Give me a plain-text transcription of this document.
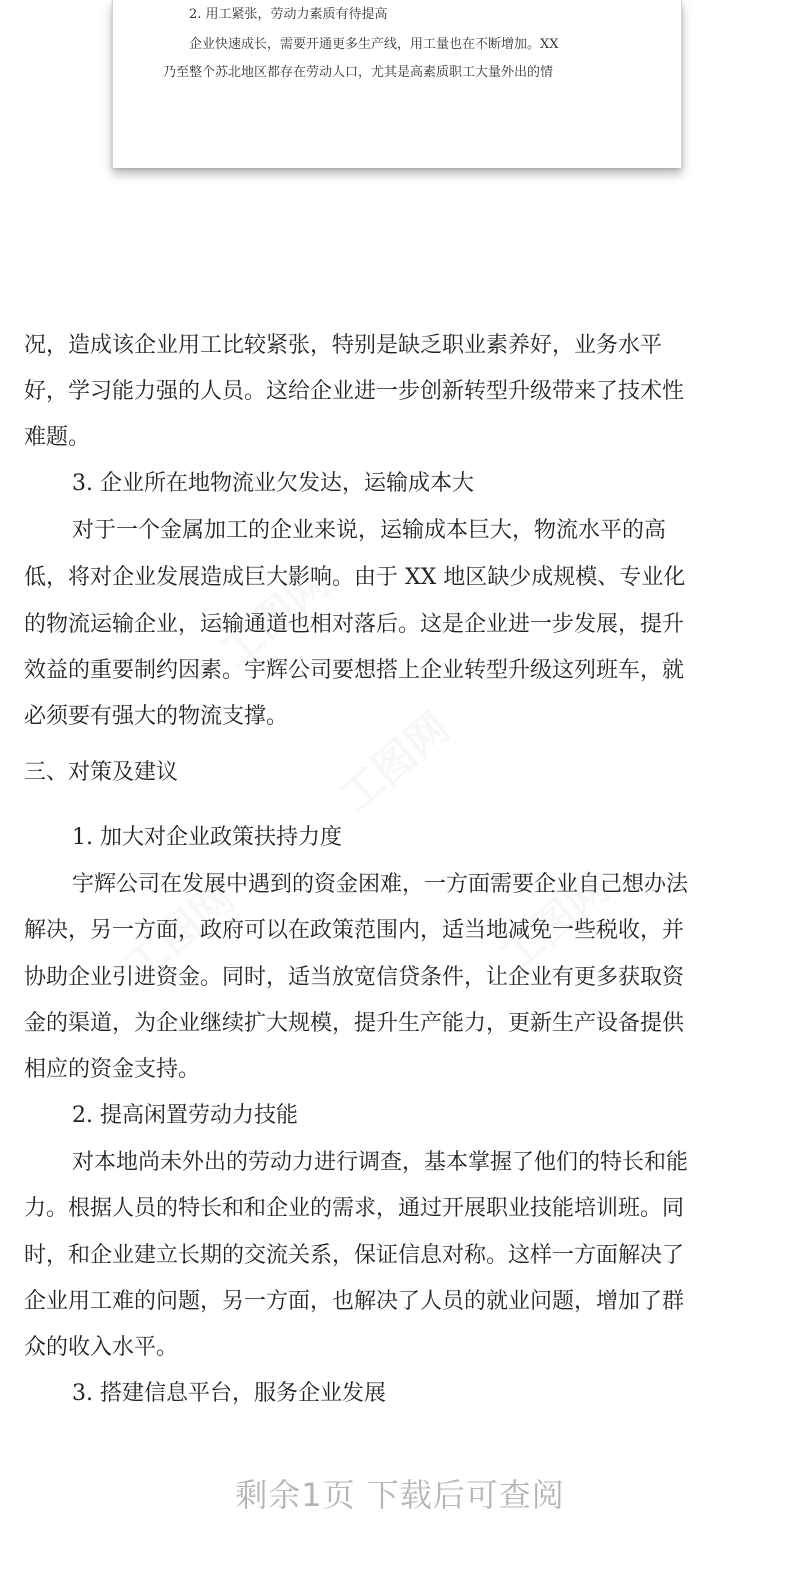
2. 用工紧张，劳动力素质有待提高
企业快速成长，需要开通更多生产线，用工量也在不断增加。XX
乃至整个苏北地区都存在劳动人口，尤其是高素质职工大量外出的情
工图网
工图网
工图网	工图网
况，造成该企业用工比较紧张，特别是缺乏职业素养好，业务水平
好，学习能力强的人员。这给企业进一步创新转型升级带来了技术性
难题。
3. 企业所在地物流业欠发达，运输成本大
对于一个金属加工的企业来说，运输成本巨大，物流水平的高
低，将对企业发展造成巨大影响。由于 XX 地区缺少成规模、专业化
的物流运输企业，运输通道也相对落后。这是企业进一步发展，提升
效益的重要制约因素。宇辉公司要想搭上企业转型升级这列班车，就
必须要有强大的物流支撑。
三、对策及建议
1. 加大对企业政策扶持力度
宇辉公司在发展中遇到的资金困难，一方面需要企业自己想办法
解决，另一方面，政府可以在政策范围内，适当地减免一些税收，并
协助企业引进资金。同时，适当放宽信贷条件，让企业有更多获取资
金的渠道，为企业继续扩大规模，提升生产能力，更新生产设备提供
相应的资金支持。
2. 提高闲置劳动力技能
对本地尚未外出的劳动力进行调查，基本掌握了他们的特长和能
力。根据人员的特长和和企业的需求，通过开展职业技能培训班。同
时，和企业建立长期的交流关系，保证信息对称。这样一方面解决了
企业用工难的问题，另一方面，也解决了人员的就业问题，增加了群
众的收入水平。
3. 搭建信息平台，服务企业发展
剩余1页 下载后可查阅
